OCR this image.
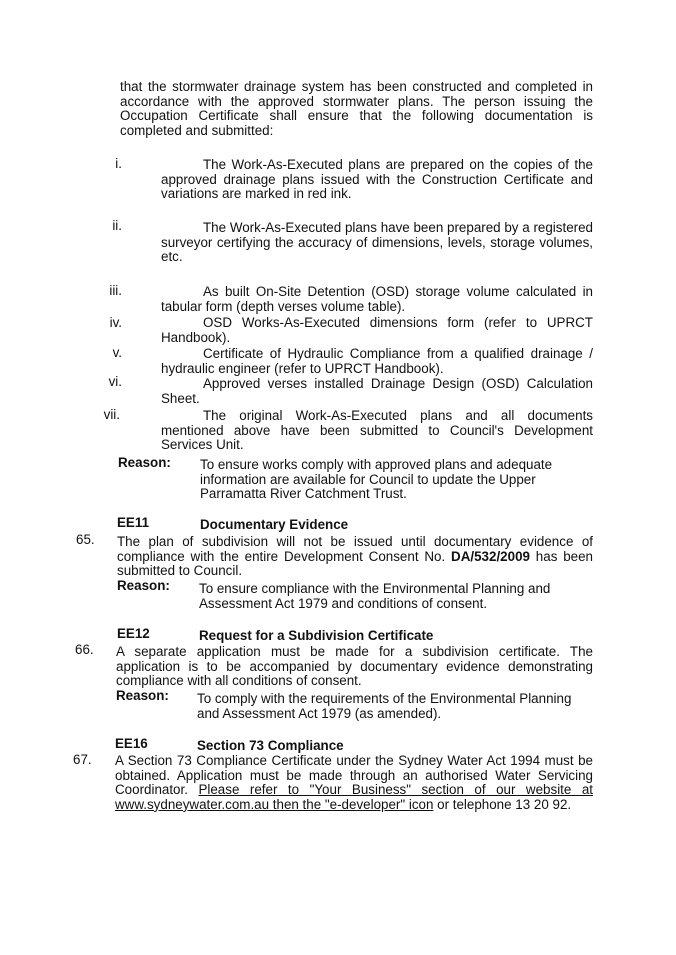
that the stormwater drainage system has been constructed and completed in accordance with the approved stormwater plans. The person issuing the Occupation Certificate shall ensure that the following documentation is completed and submitted:
i.	The Work-As-Executed plans are prepared on the copies of the approved drainage plans issued with the Construction Certificate and variations are marked in red ink.
ii.	The Work-As-Executed plans have been prepared by a registered surveyor certifying the accuracy of dimensions, levels, storage volumes, etc.
iii.	As built On-Site Detention (OSD) storage volume calculated in tabular form (depth verses volume table).
iv.	OSD Works-As-Executed dimensions form (refer to UPRCT Handbook).
v.	Certificate of Hydraulic Compliance from a qualified drainage / hydraulic engineer (refer to UPRCT Handbook).
vi.	Approved verses installed Drainage Design (OSD) Calculation Sheet.
vii.	The original Work-As-Executed plans and all documents mentioned above have been submitted to Council's Development Services Unit.
Reason: To ensure works comply with approved plans and adequate information are available for Council to update the Upper Parramatta River Catchment Trust.
EE11	Documentary Evidence
65. The plan of subdivision will not be issued until documentary evidence of compliance with the entire Development Consent No. DA/532/2009 has been submitted to Council.
Reason: To ensure compliance with the Environmental Planning and Assessment Act 1979 and conditions of consent.
EE12	Request for a Subdivision Certificate
66. A separate application must be made for a subdivision certificate. The application is to be accompanied by documentary evidence demonstrating compliance with all conditions of consent.
Reason: To comply with the requirements of the Environmental Planning and Assessment Act 1979 (as amended).
EE16	Section 73 Compliance
67. A Section 73 Compliance Certificate under the Sydney Water Act 1994 must be obtained. Application must be made through an authorised Water Servicing Coordinator. Please refer to "Your Business" section of our website at www.sydneywater.com.au then the "e-developer" icon or telephone 13 20 92.
